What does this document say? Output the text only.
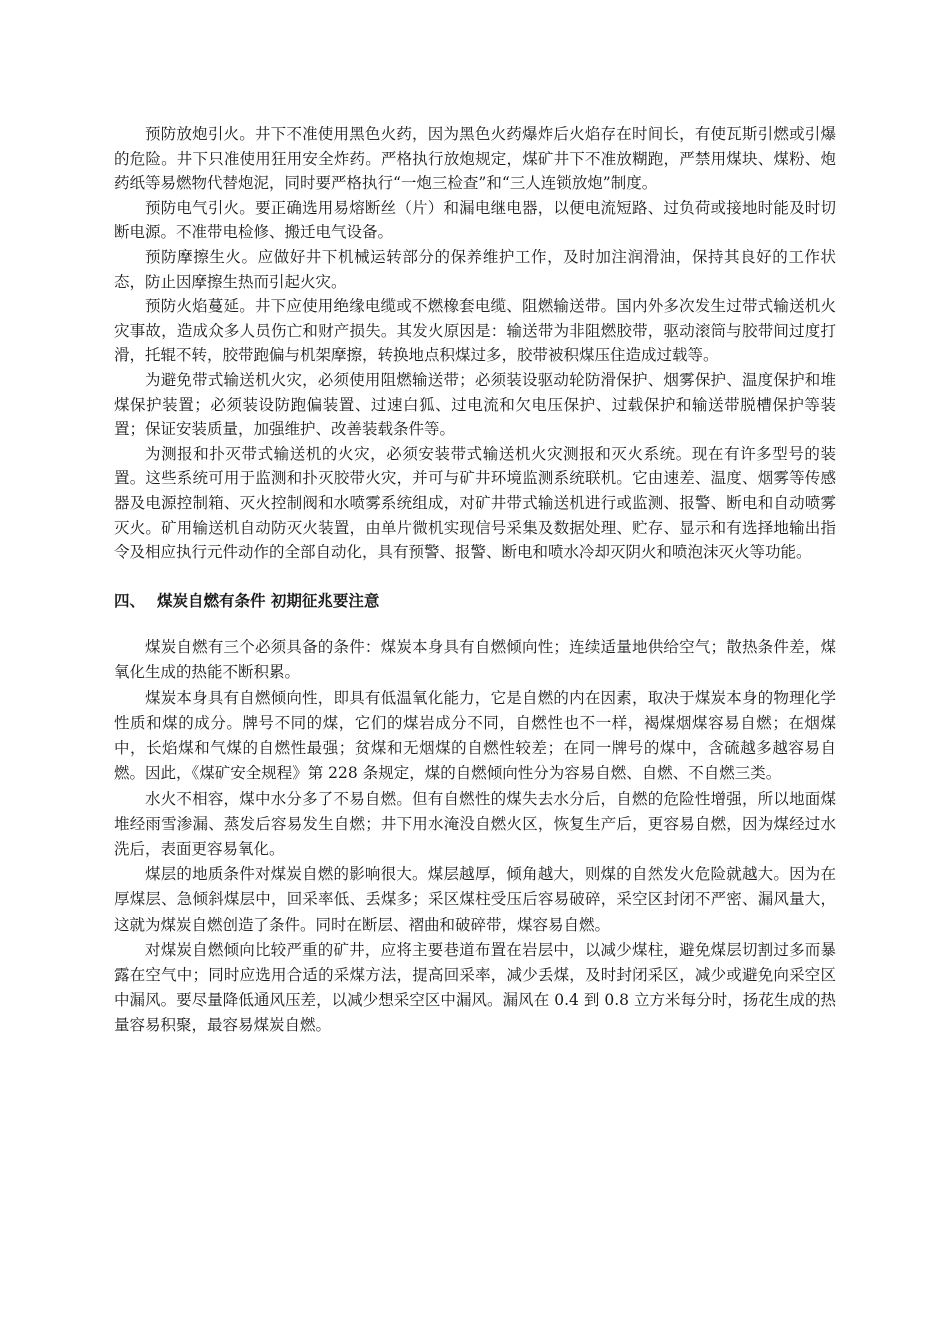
预防放炮引火。井下不准使用黑色火药，因为黑色火药爆炸后火焰存在时间长，有使瓦斯引燃或引爆的危险。井下只准使用狂用安全炸药。严格执行放炮规定，煤矿井下不准放糊跑，严禁用煤块、煤粉、炮药纸等易燃物代替炮泥，同时要严格执行“一炮三检查”和“三人连锁放炮”制度。

预防电气引火。要正确选用易熔断丝（片）和漏电继电器，以便电流短路、过负荷或接地时能及时切断电源。不准带电检修、搬迁电气设备。

预防摩擦生火。应做好井下机械运转部分的保养维护工作，及时加注润滑油，保持其良好的工作状态，防止因摩擦生热而引起火灾。

预防火焰蔓延。井下应使用绝缘电缆或不燃橡套电缆、阻燃输送带。国内外多次发生过带式输送机火灾事故，造成众多人员伤亡和财产损失。其发火原因是：输送带为非阻燃胶带，驱动滚筒与胶带间过度打滑，托辊不转，胶带跑偏与机架摩擦，转换地点积煤过多，胶带被积煤压住造成过载等。

为避免带式输送机火灾，必须使用阻燃输送带；必须装设驱动轮防滑保护、烟雾保护、温度保护和堆煤保护装置；必须装设防跑偏装置、过速白狐、过电流和欠电压保护、过载保护和输送带脱槽保护等装置；保证安装质量，加强维护、改善装载条件等。

为测报和扑灭带式输送机的火灾，必须安装带式输送机火灾测报和灭火系统。现在有许多型号的装置。这些系统可用于监测和扑灭胶带火灾，并可与矿井环境监测系统联机。它由速差、温度、烟雾等传感器及电源控制箱、灭火控制阀和水喷雾系统组成，对矿井带式输送机进行或监测、报警、断电和自动喷雾灭火。矿用输送机自动防灭火装置，由单片微机实现信号采集及数据处理、贮存、显示和有选择地输出指令及相应执行元件动作的全部自动化，具有预警、报警、断电和喷水冷却灭阴火和喷泡沫灭火等功能。

四、 煤炭自燃有条件 初期征兆要注意

煤炭自燃有三个必须具备的条件：煤炭本身具有自燃倾向性；连续适量地供给空气；散热条件差，煤氧化生成的热能不断积累。

煤炭本身具有自燃倾向性，即具有低温氧化能力，它是自燃的内在因素，取决于煤炭本身的物理化学性质和煤的成分。牌号不同的煤，它们的煤岩成分不同，自燃性也不一样，褐煤烟煤容易自燃；在烟煤中，长焰煤和气煤的自燃性最强；贫煤和无烟煤的自燃性较差；在同一牌号的煤中，含硫越多越容易自燃。因此，《煤矿安全规程》第 228 条规定，煤的自燃倾向性分为容易自燃、自燃、不自燃三类。

水火不相容，煤中水分多了不易自燃。但有自燃性的煤失去水分后，自燃的危险性增强，所以地面煤堆经雨雪渗漏、蒸发后容易发生自燃；井下用水淹没自燃火区，恢复生产后，更容易自燃，因为煤经过水洗后，表面更容易氧化。

煤层的地质条件对煤炭自燃的影响很大。煤层越厚，倾角越大，则煤的自然发火危险就越大。因为在厚煤层、急倾斜煤层中，回采率低、丢煤多；采区煤柱受压后容易破碎，采空区封闭不严密、漏风量大，这就为煤炭自燃创造了条件。同时在断层、褶曲和破碎带，煤容易自燃。

对煤炭自燃倾向比较严重的矿井，应将主要巷道布置在岩层中，以减少煤柱，避免煤层切割过多而暴露在空气中；同时应选用合适的采煤方法，提高回采率，减少丢煤，及时封闭采区，减少或避免向采空区中漏风。要尽量降低通风压差，以减少想采空区中漏风。漏风在 0.4 到 0.8 立方米每分时，扬花生成的热量容易积聚，最容易煤炭自燃。
